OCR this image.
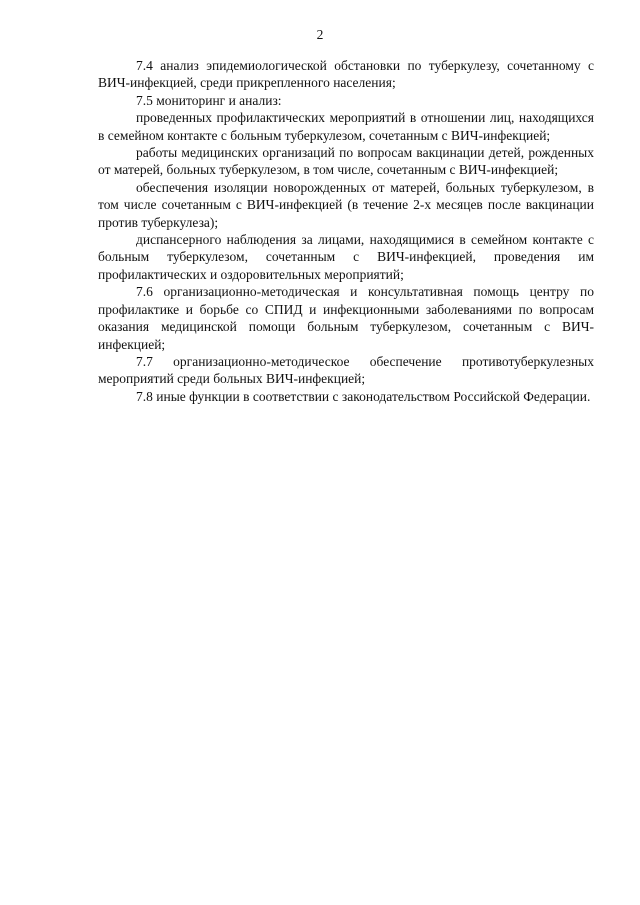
2

7.4 анализ эпидемиологической обстановки по туберкулезу, сочетанному с ВИЧ-инфекцией, среди прикрепленного населения;

7.5 мониторинг и анализ:

проведенных профилактических мероприятий в отношении лиц, находящихся в семейном контакте с больным туберкулезом, сочетанным с ВИЧ-инфекцией;

работы медицинских организаций по вопросам вакцинации детей, рожденных от матерей, больных туберкулезом, в том числе, сочетанным с ВИЧ-инфекцией;

обеспечения изоляции новорожденных от матерей, больных туберкулезом, в том числе сочетанным с ВИЧ-инфекцией (в течение 2-х месяцев после вакцинации против туберкулеза);

диспансерного наблюдения за лицами, находящимися в семейном контакте с больным туберкулезом, сочетанным с ВИЧ-инфекцией, проведения им профилактических и оздоровительных мероприятий;

7.6 организационно-методическая и консультативная помощь центру по профилактике и борьбе со СПИД и инфекционными заболеваниями по вопросам оказания медицинской помощи больным туберкулезом, сочетанным с ВИЧ-инфекцией;

7.7 организационно-методическое обеспечение противотуберкулезных мероприятий среди больных ВИЧ-инфекцией;

7.8 иные функции в соответствии с законодательством Российской Федерации.
